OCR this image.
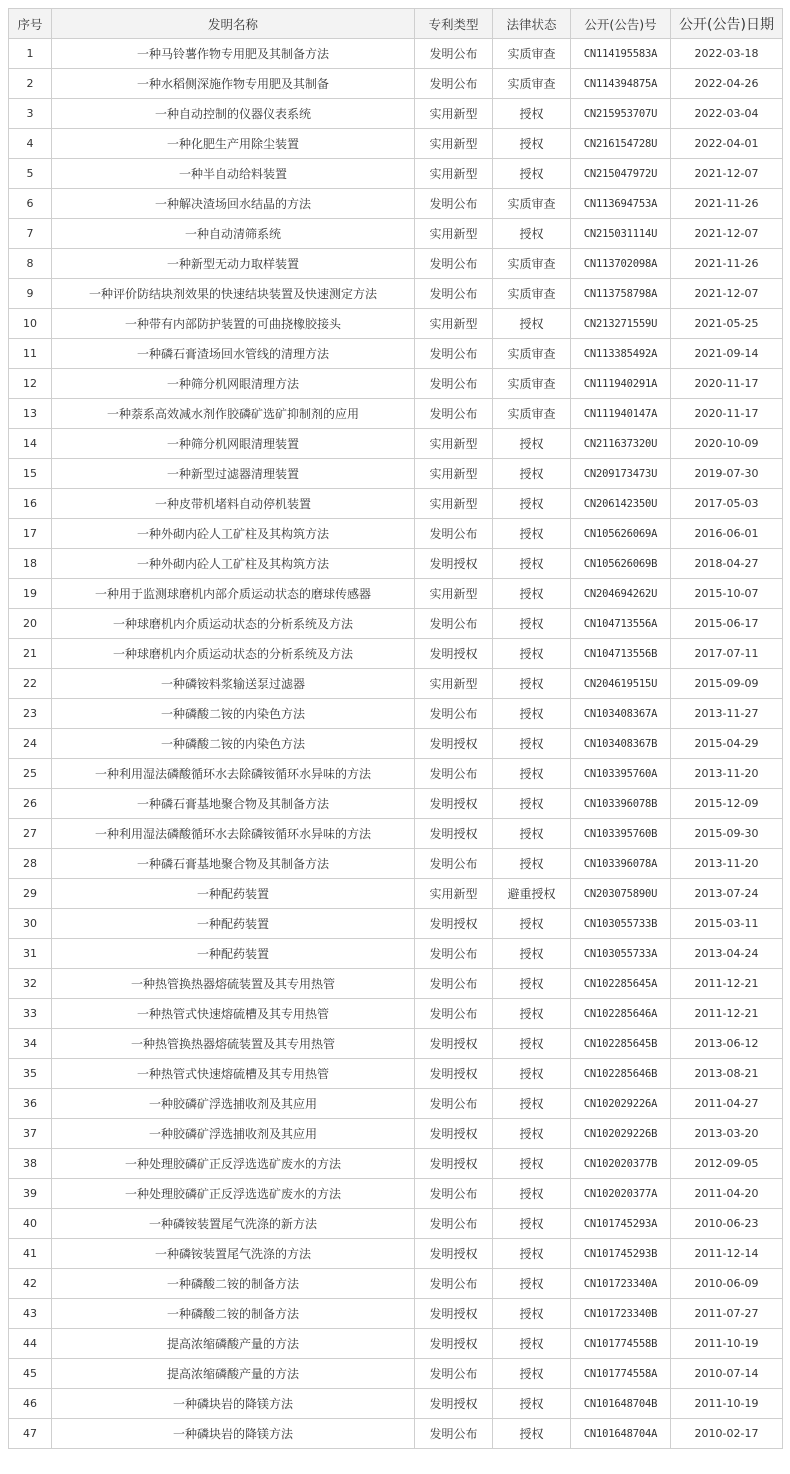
序号	发明名称	专利类型	法律状态	公开(公告)号	公开(公告)日期
1	一种马铃薯作物专用肥及其制备方法	发明公布	实质审查	CN114195583A	2022-03-18
2	一种水稻侧深施作物专用肥及其制备	发明公布	实质审查	CN114394875A	2022-04-26
3	一种自动控制的仪器仪表系统	实用新型	授权	CN215953707U	2022-03-04
4	一种化肥生产用除尘装置	实用新型	授权	CN216154728U	2022-04-01
5	一种半自动给料装置	实用新型	授权	CN215047972U	2021-12-07
6	一种解决渣场回水结晶的方法	发明公布	实质审查	CN113694753A	2021-11-26
7	一种自动清筛系统	实用新型	授权	CN215031114U	2021-12-07
8	一种新型无动力取样装置	发明公布	实质审查	CN113702098A	2021-11-26
9	一种评价防结块剂效果的快速结块装置及快速测定方法	发明公布	实质审查	CN113758798A	2021-12-07
10	一种带有内部防护装置的可曲挠橡胶接头	实用新型	授权	CN213271559U	2021-05-25
11	一种磷石膏渣场回水管线的清理方法	发明公布	实质审查	CN113385492A	2021-09-14
12	一种筛分机网眼清理方法	发明公布	实质审查	CN111940291A	2020-11-17
13	一种萘系高效减水剂作胶磷矿选矿抑制剂的应用	发明公布	实质审查	CN111940147A	2020-11-17
14	一种筛分机网眼清理装置	实用新型	授权	CN211637320U	2020-10-09
15	一种新型过滤器清理装置	实用新型	授权	CN209173473U	2019-07-30
16	一种皮带机堵料自动停机装置	实用新型	授权	CN206142350U	2017-05-03
17	一种外砌内砼人工矿柱及其构筑方法	发明公布	授权	CN105626069A	2016-06-01
18	一种外砌内砼人工矿柱及其构筑方法	发明授权	授权	CN105626069B	2018-04-27
19	一种用于监测球磨机内部介质运动状态的磨球传感器	实用新型	授权	CN204694262U	2015-10-07
20	一种球磨机内介质运动状态的分析系统及方法	发明公布	授权	CN104713556A	2015-06-17
21	一种球磨机内介质运动状态的分析系统及方法	发明授权	授权	CN104713556B	2017-07-11
22	一种磷铵料浆输送泵过滤器	实用新型	授权	CN204619515U	2015-09-09
23	一种磷酸二铵的内染色方法	发明公布	授权	CN103408367A	2013-11-27
24	一种磷酸二铵的内染色方法	发明授权	授权	CN103408367B	2015-04-29
25	一种利用湿法磷酸循环水去除磷铵循环水异味的方法	发明公布	授权	CN103395760A	2013-11-20
26	一种磷石膏基地聚合物及其制备方法	发明授权	授权	CN103396078B	2015-12-09
27	一种利用湿法磷酸循环水去除磷铵循环水异味的方法	发明授权	授权	CN103395760B	2015-09-30
28	一种磷石膏基地聚合物及其制备方法	发明公布	授权	CN103396078A	2013-11-20
29	一种配药装置	实用新型	避重授权	CN203075890U	2013-07-24
30	一种配药装置	发明授权	授权	CN103055733B	2015-03-11
31	一种配药装置	发明公布	授权	CN103055733A	2013-04-24
32	一种热管换热器熔硫装置及其专用热管	发明公布	授权	CN102285645A	2011-12-21
33	一种热管式快速熔硫槽及其专用热管	发明公布	授权	CN102285646A	2011-12-21
34	一种热管换热器熔硫装置及其专用热管	发明授权	授权	CN102285645B	2013-06-12
35	一种热管式快速熔硫槽及其专用热管	发明授权	授权	CN102285646B	2013-08-21
36	一种胶磷矿浮选捕收剂及其应用	发明公布	授权	CN102029226A	2011-04-27
37	一种胶磷矿浮选捕收剂及其应用	发明授权	授权	CN102029226B	2013-03-20
38	一种处理胶磷矿正反浮选选矿废水的方法	发明授权	授权	CN102020377B	2012-09-05
39	一种处理胶磷矿正反浮选选矿废水的方法	发明公布	授权	CN102020377A	2011-04-20
40	一种磷铵装置尾气洗涤的新方法	发明公布	授权	CN101745293A	2010-06-23
41	一种磷铵装置尾气洗涤的方法	发明授权	授权	CN101745293B	2011-12-14
42	一种磷酸二铵的制备方法	发明公布	授权	CN101723340A	2010-06-09
43	一种磷酸二铵的制备方法	发明授权	授权	CN101723340B	2011-07-27
44	提高浓缩磷酸产量的方法	发明授权	授权	CN101774558B	2011-10-19
45	提高浓缩磷酸产量的方法	发明公布	授权	CN101774558A	2010-07-14
46	一种磷块岩的降镁方法	发明授权	授权	CN101648704B	2011-10-19
47	一种磷块岩的降镁方法	发明公布	授权	CN101648704A	2010-02-17
